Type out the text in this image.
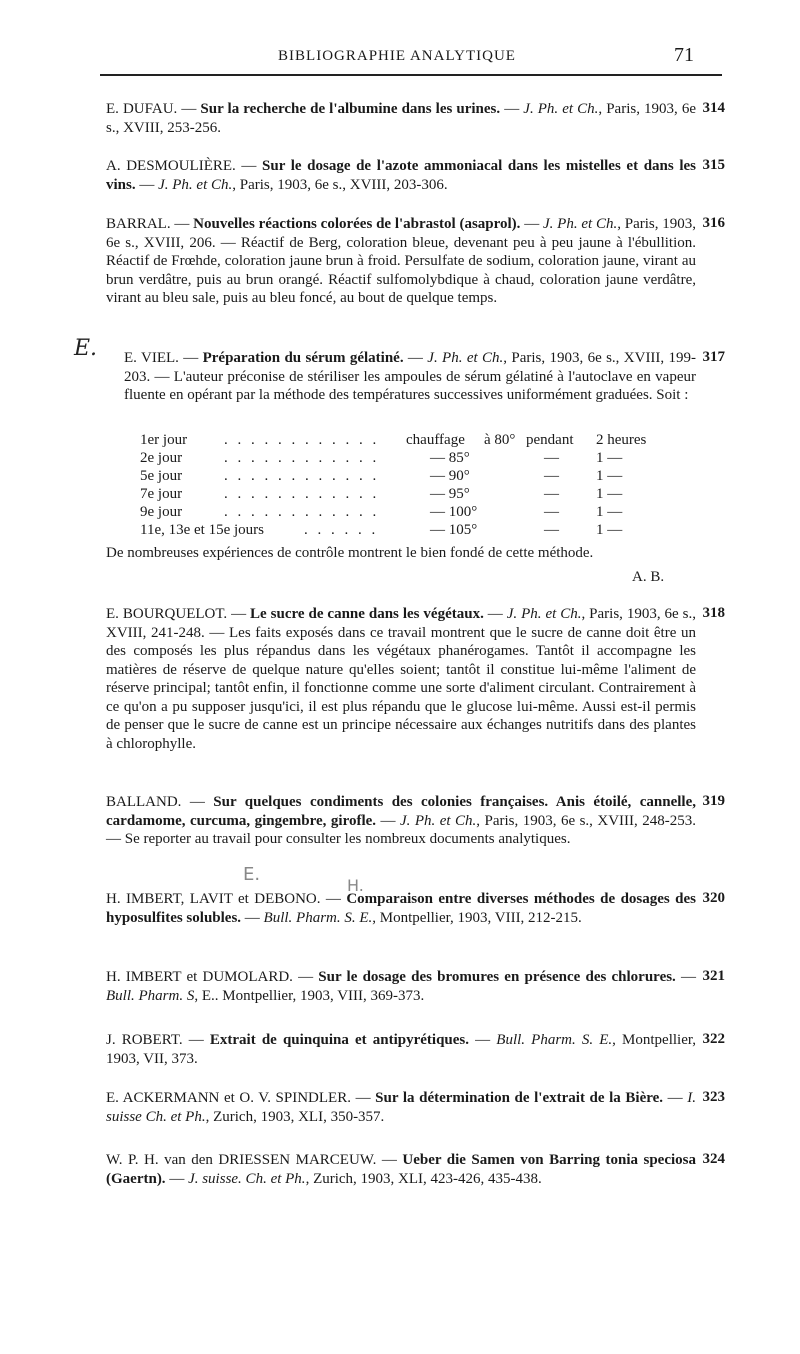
BIBLIOGRAPHIE ANALYTIQUE	71
E.
E. DUFAU. — Sur la recherche de l'albumine dans les urines. — J. Ph. et Ch., Paris, 1903, 6e s., XVIII, 253-256.
314
A. DESMOULIÈRE. — Sur le dosage de l'azote ammoniacal dans les mistelles et dans les vins. — J. Ph. et Ch., Paris, 1903, 6e s., XVIII, 203-306.
315
BARRAL. — Nouvelles réactions colorées de l'abrastol (asaprol). — J. Ph. et Ch., Paris, 1903, 6e s., XVIII, 206. — Réactif de Berg, coloration bleue, devenant peu à peu jaune à l'ébullition. Réactif de Frœhde, coloration jaune brun à froid. Persulfate de sodium, coloration jaune, virant au brun verdâtre, puis au brun orangé. Réactif sulfomolybdique à chaud, coloration jaune verdâtre, virant au bleu sale, puis au bleu foncé, au bout de quelque temps.
316
E. VIEL. — Préparation du sérum gélatiné. — J. Ph. et Ch., Paris, 1903, 6e s., XVIII, 199-203. — L'auteur préconise de stériliser les ampoules de sérum gélatiné à l'autoclave en vapeur fluente en opérant par la méthode des températures successives uniformément graduées. Soit :
317
1er jour . . . . . . . . . . . . chauffage à 80° pendant 2 heures
2e jour	. . . . . . . . . . . .	— 85°	— 1 —
5e jour	. . . . . . . . . . . .	— 90°	— 1 —
7e jour	. . . . . . . . . . . .	— 95°	— 1 —
9e jour	. . . . . . . . . . . .	— 100°	— 1 —
11e, 13e et 15e jours	. . . . . .	— 105°	— 1 —
De nombreuses expériences de contrôle montrent le bien fondé de cette méthode.
A. B.
E. BOURQUELOT. — Le sucre de canne dans les végétaux. — J. Ph. et Ch., Paris, 1903, 6e s., XVIII, 241-248. — Les faits exposés dans ce travail montrent que le sucre de canne doit être un des composés les plus répandus dans les végétaux phanérogames. Tantôt il accompagne les matières de réserve de quelque nature qu'elles soient; tantôt il constitue lui-même l'aliment de réserve principal; tantôt enfin, il fonctionne comme une sorte d'aliment circulant. Contrairement à ce qu'on a pu supposer jusqu'ici, il est plus répandu que le glucose lui-même. Aussi est-il permis de penser que le sucre de canne est un principe nécessaire aux échanges nutritifs dans des plantes à chlorophylle.
318
BALLAND. — Sur quelques condiments des colonies françaises. Anis étoilé, cannelle, cardamome, curcuma, gingembre, girofle. — J. Ph. et Ch., Paris, 1903, 6e s., XVIII, 248-253. — Se reporter au travail pour consulter les nombreux documents analytiques.
319
E.
H.
H. IMBERT, LAVIT et DEBONO. — Comparaison entre diverses méthodes de dosages des hyposulfites solubles. — Bull. Pharm. S. E., Montpellier, 1903, VIII, 212-215.
320
H. IMBERT et DUMOLARD. — Sur le dosage des bromures en présence des chlorures. — Bull. Pharm. S, E.. Montpellier, 1903, VIII, 369-373.
321
J. ROBERT. — Extrait de quinquina et antipyrétiques. — Bull. Pharm. S. E., Montpellier, 1903, VII, 373.
322
E. ACKERMANN et O. V. SPINDLER. — Sur la détermination de l'extrait de la Bière. — I. suisse Ch. et Ph., Zurich, 1903, XLI, 350-357.
323
W. P. H. van den DRIESSEN MARCEUW. — Ueber die Samen von Barring tonia speciosa (Gaertn). — J. suisse. Ch. et Ph., Zurich, 1903, XLI, 423-426, 435-438.
324
